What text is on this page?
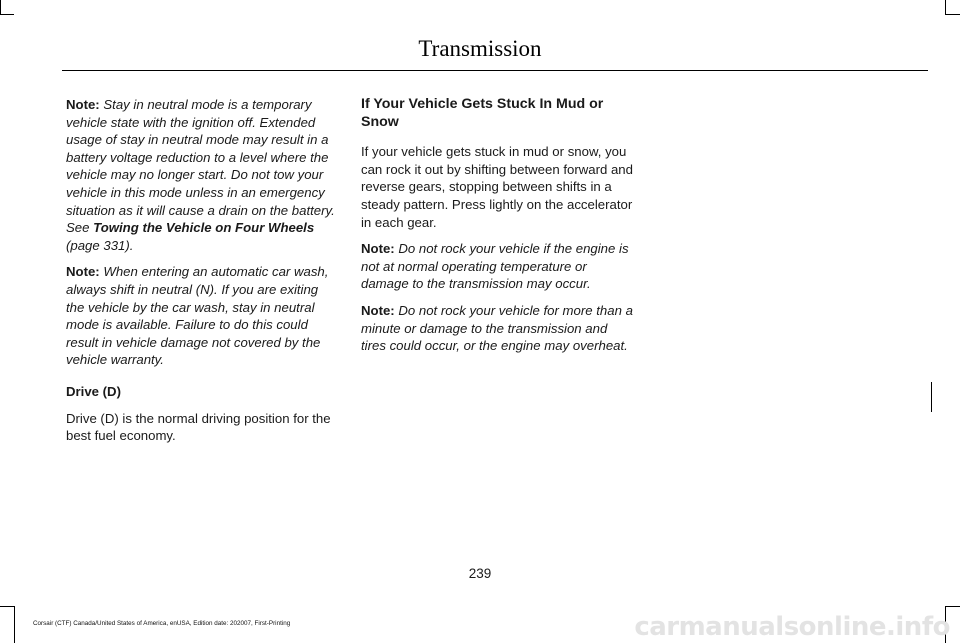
Transmission

Note: Stay in neutral mode is a temporary vehicle state with the ignition off. Extended usage of stay in neutral mode may result in a battery voltage reduction to a level where the vehicle may no longer start. Do not tow your vehicle in this mode unless in an emergency situation as it will cause a drain on the battery. See Towing the Vehicle on Four Wheels (page 331).

Note: When entering an automatic car wash, always shift in neutral (N). If you are exiting the vehicle by the car wash, stay in neutral mode is available. Failure to do this could result in vehicle damage not covered by the vehicle warranty.

Drive (D)

Drive (D) is the normal driving position for the best fuel economy.

If Your Vehicle Gets Stuck In Mud or Snow

If your vehicle gets stuck in mud or snow, you can rock it out by shifting between forward and reverse gears, stopping between shifts in a steady pattern. Press lightly on the accelerator in each gear.

Note: Do not rock your vehicle if the engine is not at normal operating temperature or damage to the transmission may occur.

Note: Do not rock your vehicle for more than a minute or damage to the transmission and tires could occur, or the engine may overheat.

239
Corsair (CTF) Canada/United States of America, enUSA, Edition date: 202007, First-Printing	carmanualsonline.info
